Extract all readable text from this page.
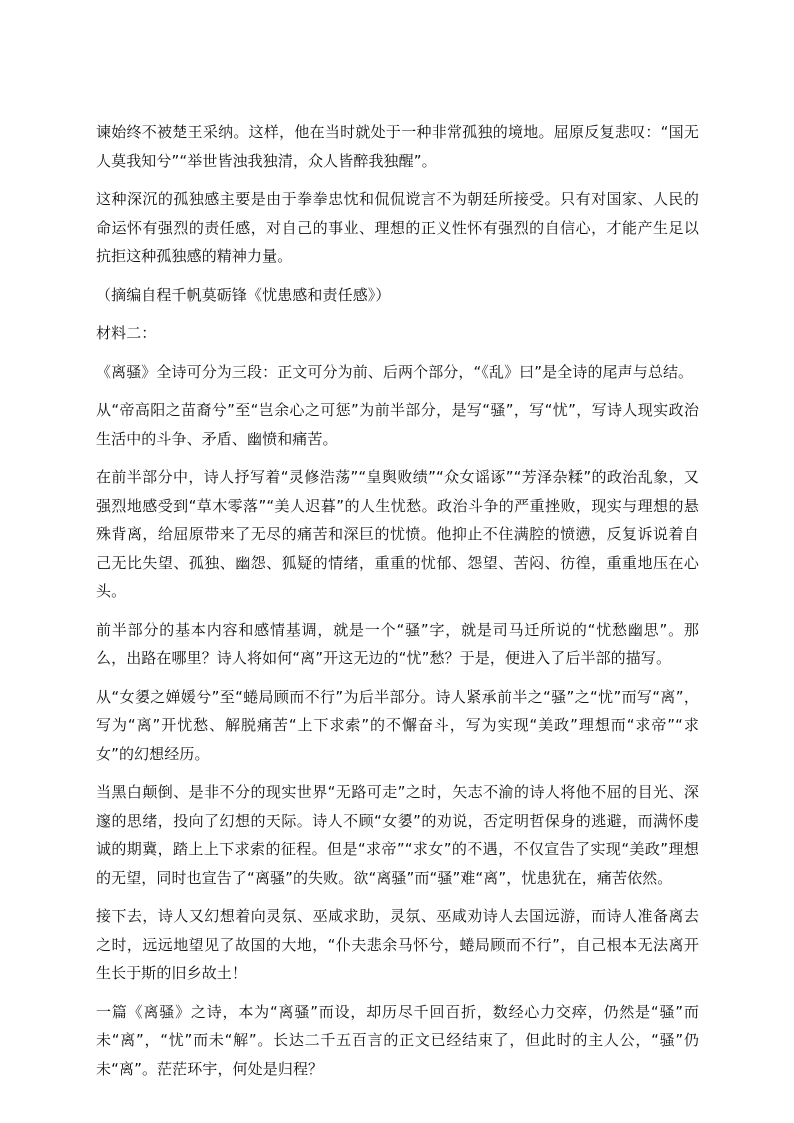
谏始终不被楚王采纳。这样，他在当时就处于一种非常孤独的境地。屈原反复悲叹：“国无人莫我知兮”“举世皆浊我独清，众人皆醉我独醒”。

这种深沉的孤独感主要是由于拳拳忠忱和侃侃谠言不为朝廷所接受。只有对国家、人民的命运怀有强烈的责任感，对自己的事业、理想的正义性怀有强烈的自信心，才能产生足以抗拒这种孤独感的精神力量。

（摘编自程千帆莫砺锋《忧患感和责任感》）

材料二：

《离骚》全诗可分为三段：正文可分为前、后两个部分，“《乱》曰”是全诗的尾声与总结。

从“帝高阳之苗裔兮”至“岂余心之可惩”为前半部分，是写“骚”，写“忧”，写诗人现实政治生活中的斗争、矛盾、幽愤和痛苦。

在前半部分中，诗人抒写着“灵修浩荡”“皇舆败绩”“众女谣诼”“芳泽杂糅”的政治乱象，又强烈地感受到“草木零落”“美人迟暮”的人生忧愁。政治斗争的严重挫败，现实与理想的悬殊背离，给屈原带来了无尽的痛苦和深巨的忧愤。他抑止不住满腔的愤懑，反复诉说着自己无比失望、孤独、幽怨、狐疑的情绪，重重的忧郁、怨望、苦闷、彷徨，重重地压在心头。

前半部分的基本内容和感情基调，就是一个“骚”字，就是司马迁所说的“忧愁幽思”。那么，出路在哪里？诗人将如何“离”开这无边的“忧”愁？于是，便进入了后半部的描写。

从“女嬃之婵媛兮”至“蜷局顾而不行”为后半部分。诗人紧承前半之“骚”之“忧”而写“离”，写为“离”开忧愁、解脱痛苦“上下求索”的不懈奋斗，写为实现“美政”理想而“求帝”“求女”的幻想经历。

当黑白颠倒、是非不分的现实世界“无路可走”之时，矢志不渝的诗人将他不屈的目光、深邃的思绪，投向了幻想的天际。诗人不顾“女嬃”的劝说，否定明哲保身的逃避，而满怀虔诚的期冀，踏上上下求索的征程。但是“求帝”“求女”的不遇，不仅宣告了实现“美政”理想的无望，同时也宣告了“离骚”的失败。欲“离骚”而“骚”难“离”，忧患犹在，痛苦依然。

接下去，诗人又幻想着向灵氛、巫咸求助，灵氛、巫咸劝诗人去国远游，而诗人准备离去之时，远远地望见了故国的大地，“仆夫悲余马怀兮，蜷局顾而不行”，自己根本无法离开生长于斯的旧乡故土！

一篇《离骚》之诗，本为“离骚”而设，却历尽千回百折，数经心力交瘁，仍然是“骚”而未“离”，“忧”而未“解”。长达二千五百言的正文已经结束了，但此时的主人公，“骚”仍未“离”。茫茫环宇，何处是归程？
